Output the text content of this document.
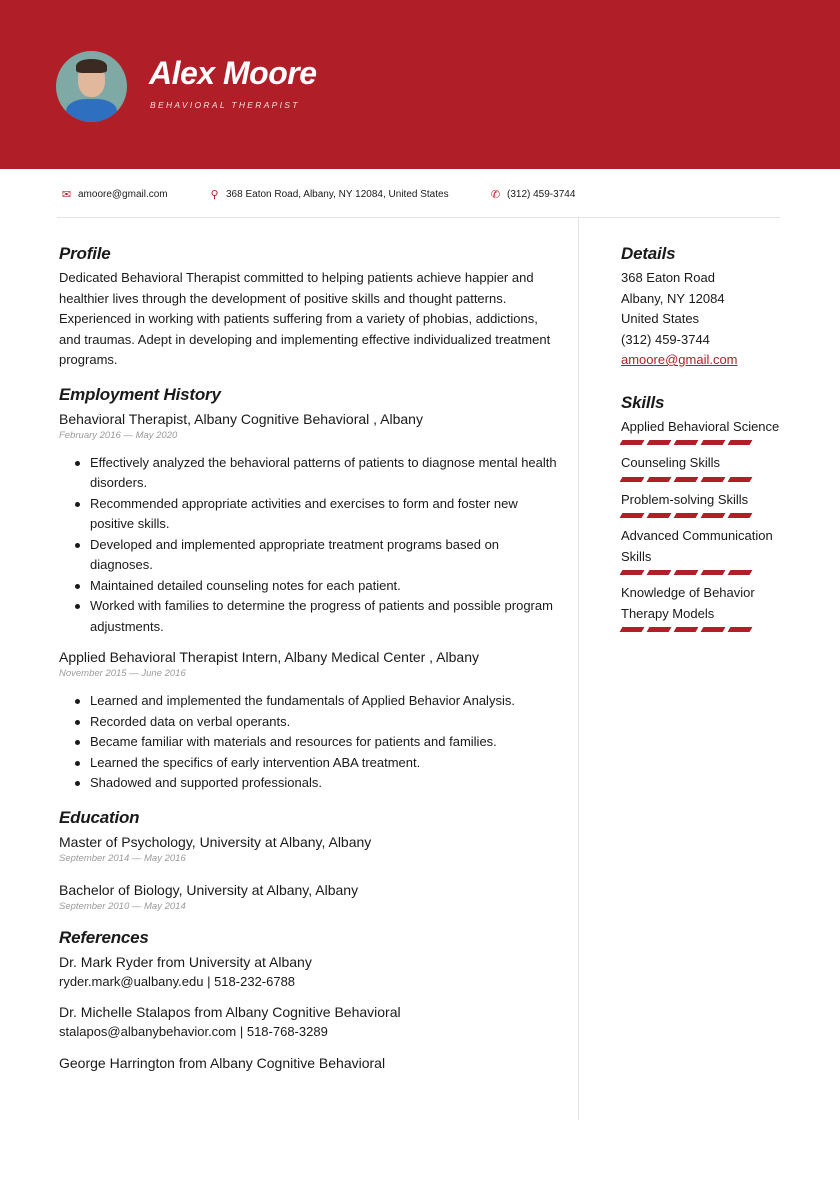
Alex Moore
BEHAVIORAL THERAPIST
✉ amoore@gmail.com	⚲ 368 Eaton Road, Albany, NY 12084, United States	✆ (312) 459-3744
Profile

Dedicated Behavioral Therapist committed to helping patients achieve happier and healthier lives through the development of positive skills and thought patterns. Experienced in working with patients suffering from a variety of phobias, addictions, and traumas. Adept in developing and implementing effective individualized treatment programs.

Employment History
Behavioral Therapist, Albany Cognitive Behavioral , Albany
February 2016 — May 2020
Effectively analyzed the behavioral patterns of patients to diagnose mental health disorders.
Recommended appropriate activities and exercises to form and foster new positive skills.
Developed and implemented appropriate treatment programs based on diagnoses.
Maintained detailed counseling notes for each patient.
Worked with families to determine the progress of patients and possible program adjustments.
Applied Behavioral Therapist Intern, Albany Medical Center , Albany
November 2015 — June 2016
Learned and implemented the fundamentals of Applied Behavior Analysis.
Recorded data on verbal operants.
Became familiar with materials and resources for patients and families.
Learned the specifics of early intervention ABA treatment.
Shadowed and supported professionals.
Education
Master of Psychology, University at Albany, Albany
September 2014 — May 2016
Bachelor of Biology, University at Albany, Albany
September 2010 — May 2014
References
Dr. Mark Ryder from University at Albany
ryder.mark@ualbany.edu | 518-232-6788
Dr. Michelle Stalapos from Albany Cognitive Behavioral
stalapos@albanybehavior.com | 518-768-3289
George Harrington from Albany Cognitive Behavioral
Details
368 Eaton Road
Albany, NY 12084
United States
(312) 459-3744
amoore@gmail.com
Skills
Applied Behavioral Science
Counseling Skills
Problem-solving Skills
Advanced Communication Skills
Knowledge of Behavior Therapy Models
